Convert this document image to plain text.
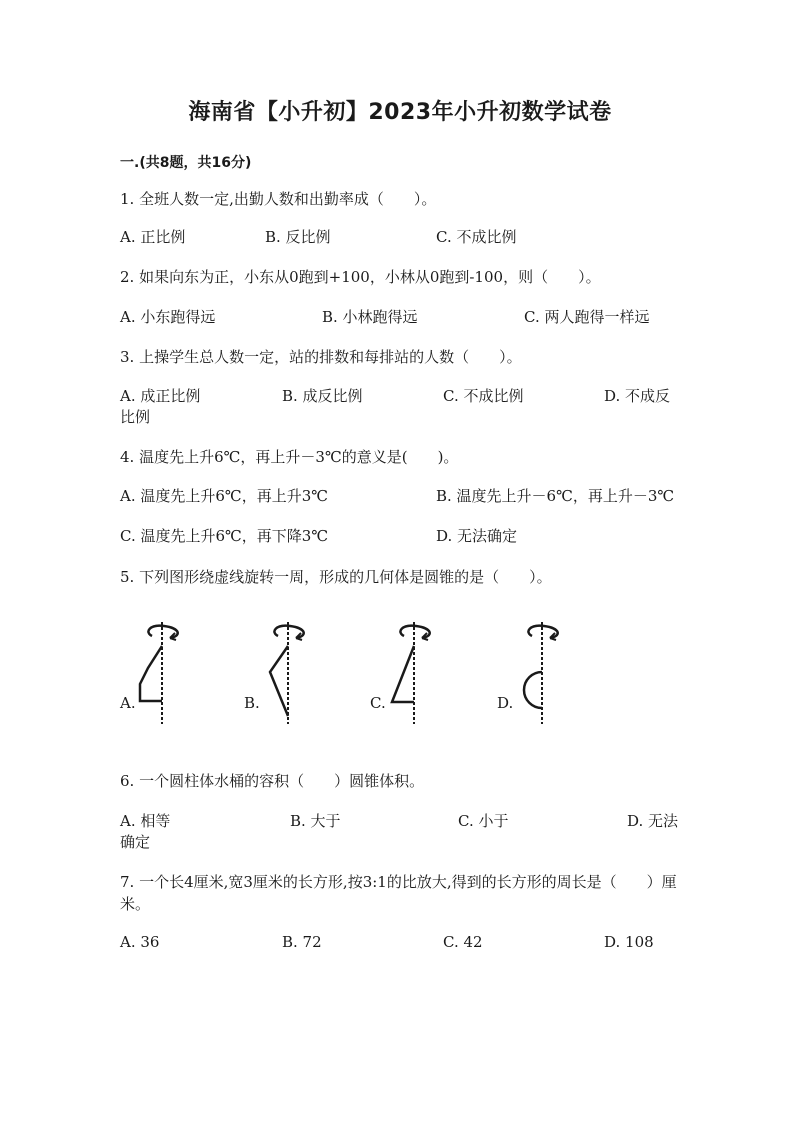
海南省【小升初】2023年小升初数学试卷
一.(共8题，共16分)
1. 全班人数一定,出勤人数和出勤率成（　　）。
A. 正比例	B. 反比例	C. 不成比例
2. 如果向东为正，小东从0跑到+100，小林从0跑到-100，则（　　）。
A. 小东跑得远	B. 小林跑得远	C. 两人跑得一样远
3. 上操学生总人数一定，站的排数和每排站的人数（　　）。
A. 成正比例	B. 成反比例	C. 不成比例	D. 不成反
比例
4. 温度先上升6℃，再上升－3℃的意义是(　　)。
A. 温度先上升6℃，再上升3℃	B. 温度先上升－6℃，再上升－3℃
C. 温度先上升6℃，再下降3℃	D. 无法确定
5. 下列图形绕虚线旋转一周，形成的几何体是圆锥的是（　　）。
A.	B.	C.	D.
6. 一个圆柱体水桶的容积（　　）圆锥体积。
A. 相等	B. 大于	C. 小于	D. 无法
确定
7. 一个长4厘米,宽3厘米的长方形,按3:1的比放大,得到的长方形的周长是（　　）厘米。
A. 36	B. 72	C. 42	D. 108
